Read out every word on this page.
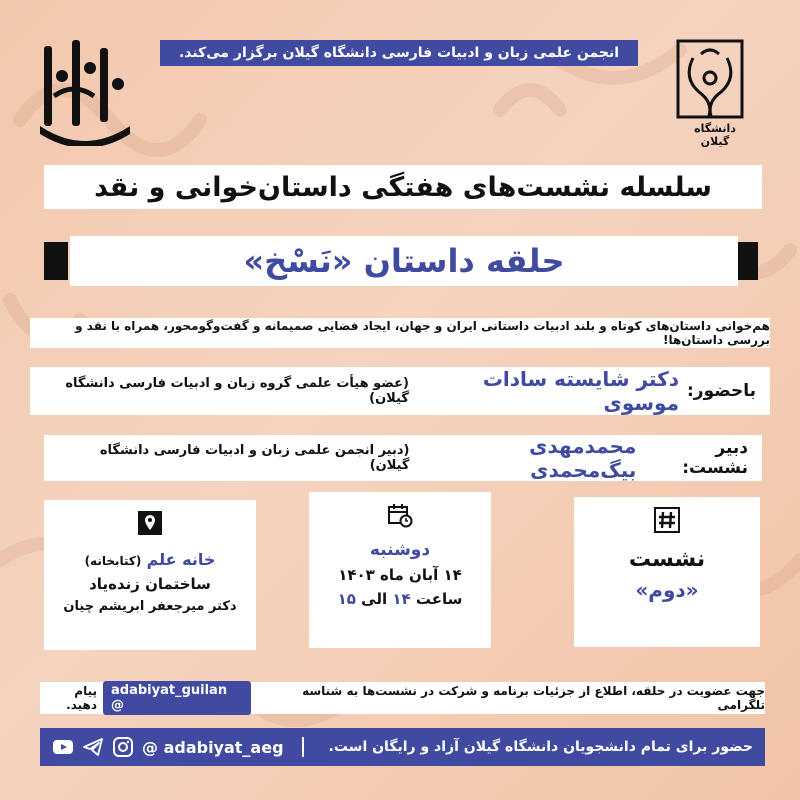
انجمن علمی زبان و ادبیات فارسی دانشگاه گیلان برگزار می‌کند.
دانشگاه گیلان
سلسله نشست‌های هفتگی داستان‌خوانی و نقد
حلقه داستان «نَسْخ»
هم‌خوانی داستان‌های کوتاه و بلند ادبیات داستانی ایران و جهان، ایجاد فضایی صمیمانه و گفت‌وگومحور، همراه با نقد و بررسی داستان‌ها!
باحضور:
دکتر شایسته سادات موسوی
(عضو هیأت علمی گروه زبان و ادبیات فارسی دانشگاه گیلان)
دبیر نشست:
محمدمهدی بیگ‌محمدی
(دبیر انجمن علمی زبان و ادبیات فارسی دانشگاه گیلان)
نشست
«دوم»
دوشنبه
۱۴ آبان ماه ۱۴۰۳
ساعت ۱۴ الی ۱۵
خانه علم (کتابخانه)
ساختمان زنده‌یاد
دکتر میرجعفر ابریشم چیان
جهت عضویت در حلقه، اطلاع از جزئیات برنامه و شرکت در نشست‌ها به شناسه تلگرامی
adabiyat_guilan @
پیام دهید.
@ adabiyat_aeg	حضور برای تمام دانشجویان دانشگاه گیلان آزاد و رایگان است.
